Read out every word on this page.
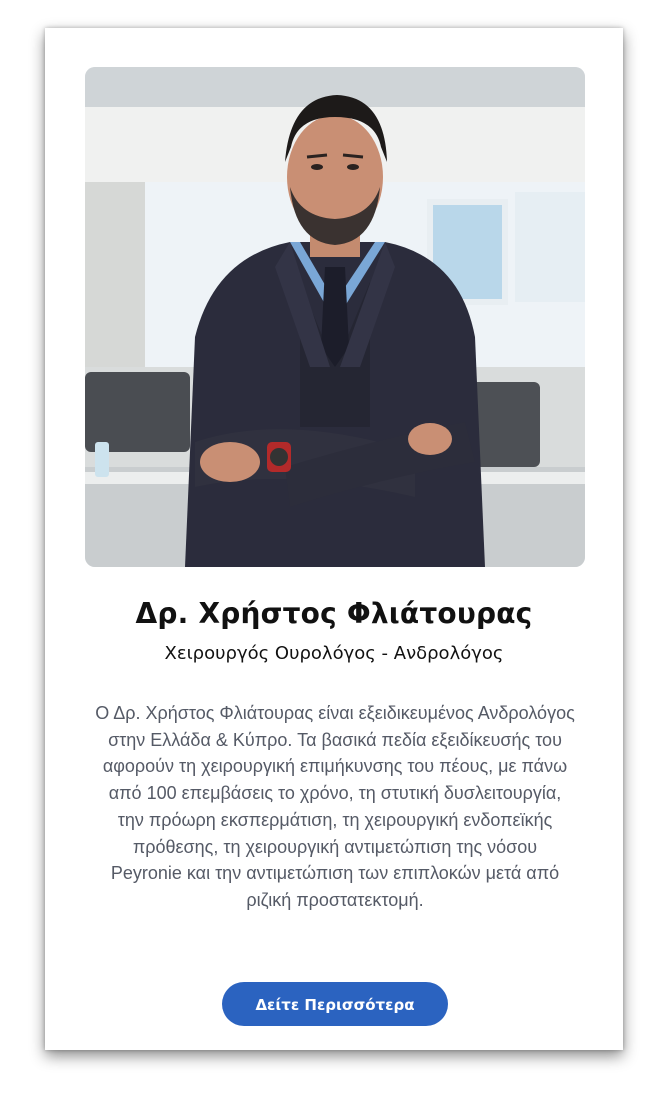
Δρ. Χρήστος Φλιάτουρας
Χειρουργός Ουρολόγος - Ανδρολόγος
Ο Δρ. Χρήστος Φλιάτουρας είναι εξειδικευμένος Ανδρολόγος στην Ελλάδα & Κύπρο. Τα βασικά πεδία εξειδίκευσής του αφορούν τη χειρουργική επιμήκυνσης του πέους, με πάνω από 100 επεμβάσεις το χρόνο, τη στυτική δυσλειτουργία, την πρόωρη εκσπερμάτιση, τη χειρουργική ενδοπεϊκής πρόθεσης, τη χειρουργική αντιμετώπιση της νόσου Peyronie και την αντιμετώπιση των επιπλοκών μετά από ριζική προστατεκτομή.
Δείτε Περισσότερα
